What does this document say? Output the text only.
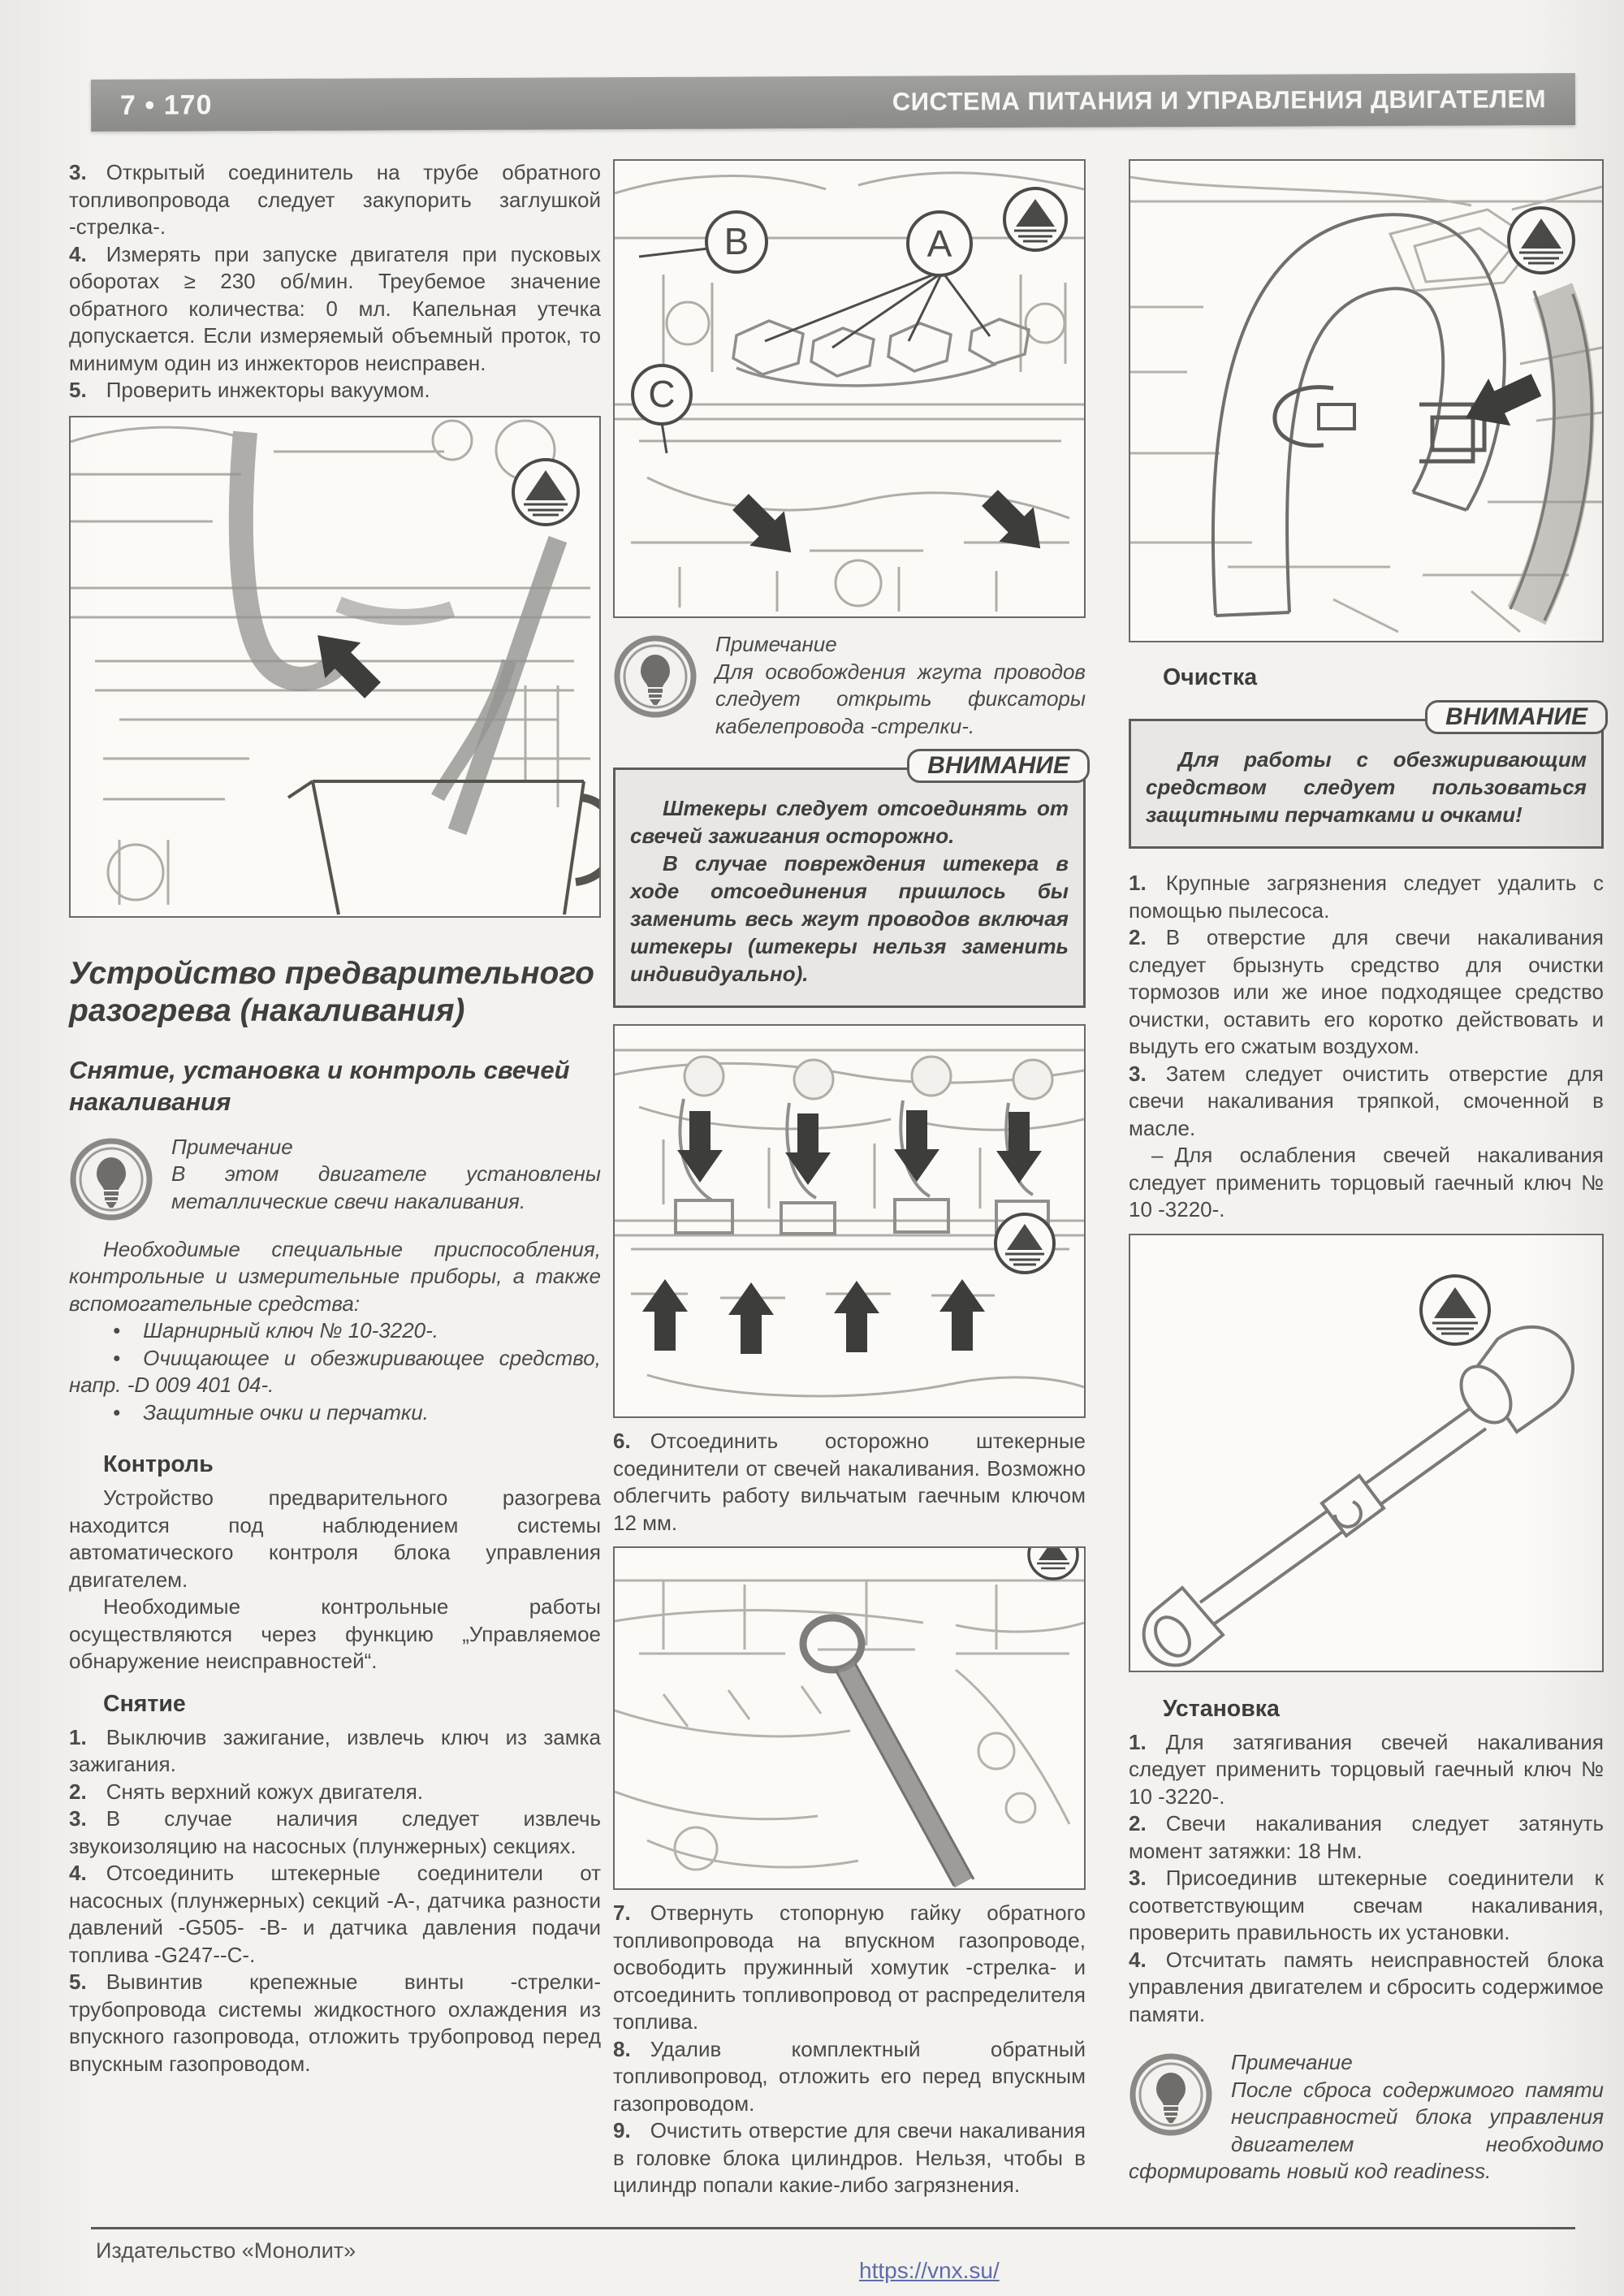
7 • 170	СИСТЕМА ПИТАНИЯ И УПРАВЛЕНИЯ ДВИГАТЕЛЕМ

3. Открытый соединитель на трубе обратного топливопровода следует закупорить заглушкой -стрелка-.

4. Измерять при запуске двигателя при пусковых оборотах ≥ 230 об/мин. Треубемое значение обратного количества: 0 мл. Капельная утечка допускается. Если измеряемый объемный проток, то минимум один из инжекторов неисправен.

5. Проверить инжекторы вакуумом.

Устройство предварительного разогрева (накаливания)
Снятие, установка и контроль свечей накаливания
Примечание
В этом двигателе установлены металлические свечи накаливания.

Необходимые специальные приспособления, контрольные и измерительные приборы, а также вспомогательные средства:

• Шарнирный ключ № 10-3220-.

• Очищающее и обезжиривающее средство, напр. -D 009 401 04-.

• Защитные очки и перчатки.

Контроль

Устройство предварительного разогрева находится под наблюдением системы автоматического контроля блока управления двигателем.

Необходимые контрольные работы осуществляются через функцию „Управляемое обнаружение неисправностей“.

Снятие

1. Выключив зажигание, извлечь ключ из замка зажигания.

2. Снять верхний кожух двигателя.

3. В случае наличия следует извлечь звукоизоляцию на насосных (плунжерных) секциях.

4. Отсоединить штекерные соединители от насосных (плунжерных) секций -А-, датчика разности давлений -G505- -В- и датчика давления подачи топлива -G247--С-.

5. Вывинтив крепежные винты -стрелки- трубопровода системы жидкостного охлаждения из впускного газопровода, отложить трубопровод перед впускным газопроводом.

B	A
C
Примечание
Для освобождения жгута проводов следует открыть фиксаторы кабелепровода -стрелки-.
ВНИМАНИЕ

Штекеры следует отсоединять от свечей зажигания осторожно.

В случае повреждения штекера в ходе отсоединения пришлось бы заменить весь жгут проводов включая штекеры (штекеры нельзя заменить индивидуально).

6. Отсоединить осторожно штекерные соединители от свечей накаливания. Возможно облегчить работу вильчатым гаечным ключом 12 мм.

7. Отвернуть стопорную гайку обратного топливопровода на впускном газопроводе, освободить пружинный хомутик -стрелка- и отсоединить топливопровод от распределителя топлива.

8. Удалив комплектный обратный топливопровод, отложить его перед впускным газопроводом.

9. Очистить отверстие для свечи накаливания в головке блока цилиндров. Нельзя, чтобы в цилиндр попали какие-либо загрязнения.

Очистка
ВНИМАНИЕ

Для работы с обезжиривающим средством следует пользоваться защитными перчатками и очками!

1. Крупные загрязнения следует удалить с помощью пылесоса.

2. В отверстие для свечи накаливания следует брызнуть средство для очистки тормозов или же иное подходящее средство очистки, оставить его коротко действовать и выдуть его сжатым воздухом.

3. Затем следует очистить отверстие для свечи накаливания тряпкой, смоченной в масле.

– Для ослабления свечей накаливания следует применить торцовый гаечный ключ № 10 -3220-.

Установка

1. Для затягивания свечей накаливания следует применить торцовый гаечный ключ № 10 -3220-.

2. Свечи накаливания следует затянуть момент затяжки: 18 Нм.

3. Присоединив штекерные соединители к соответствующим свечам накаливания, проверить правильность их установки.

4. Отсчитать память неисправностей блока управления двигателем и сбросить содержимое памяти.

Примечание
После сброса содержимого памяти неисправностей блока управления двигателем необходимо сформировать новый код readiness.
Издательство «Монолит»
https://vnx.su/
